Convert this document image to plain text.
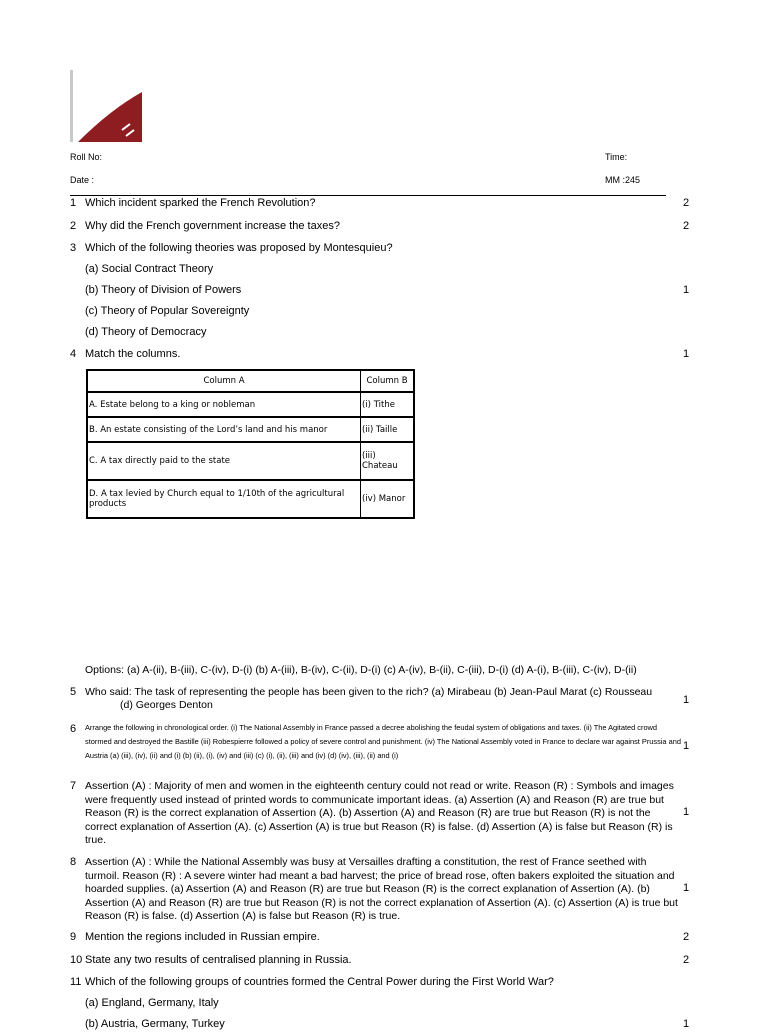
Roll No:
Date :
Time:
MM :245
1 Which incident sparked the French Revolution?	2
2 Why did the French government increase the taxes?	2
3 Which of the following theories was proposed by Montesquieu?
(a) Social Contract Theory
(b) Theory of Division of Powers	1
(c) Theory of Popular Sovereignty
(d) Theory of Democracy
4 Match the columns.	1
Column A	Column B
A. Estate belong to a king or nobleman	(i) Tithe
B. An estate consisting of the Lord’s land and his manor	(ii) Taille
C. A tax directly paid to the state	(iii) Chateau
D. A tax levied by Church equal to 1/10th of the agricultural products	(iv) Manor
Options: (a) A-(ii), B-(iii), C-(iv), D-(i) (b) A-(iii), B-(iv), C-(ii), D-(i) (c) A-(iv), B-(ii), C-(iii), D-(i) (d) A-(i), B-(iii), C-(iv), D-(ii)
5 Who said: The task of representing the people has been given to the rich? (a) Mirabeau (b) Jean-Paul Marat (c) Rousseau
(d) Georges Denton	1
6 Arrange the following in chronological order. (i) The National Assembly in France passed a decree abolishing the feudal system of obligations and taxes. (ii) The Agitated crowd stormed and destroyed the Bastille (iii) Robespierre followed a policy of severe control and punishment. (iv) The National Assembly voted in France to declare war against Prussia and Austria (a) (iii), (iv), (ii) and (i) (b) (ii), (i), (iv) and (iii) (c) (i), (ii), (iii) and (iv) (d) (iv), (iii), (ii) and (i)
1
7 Assertion (A) : Majority of men and women in the eighteenth century could not read or write. Reason (R) : Symbols and images were frequently used instead of printed words to communicate important ideas. (a) Assertion (A) and Reason (R) are true but Reason (R) is the correct explanation of Assertion (A). (b) Assertion (A) and Reason (R) are true but Reason (R) is not the correct explanation of Assertion (A). (c) Assertion (A) is true but Reason (R) is false. (d) Assertion (A) is false but Reason (R) is true.
1
8 Assertion (A) : While the National Assembly was busy at Versailles drafting a constitution, the rest of France seethed with turmoil. Reason (R) : A severe winter had meant a bad harvest; the price of bread rose, often bakers exploited the situation and hoarded supplies. (a) Assertion (A) and Reason (R) are true but Reason (R) is the correct explanation of Assertion (A). (b) Assertion (A) and Reason (R) are true but Reason (R) is not the correct explanation of Assertion (A). (c) Assertion (A) is true but Reason (R) is false. (d) Assertion (A) is false but Reason (R) is true.
1
9 Mention the regions included in Russian empire.	2
10 State any two results of centralised planning in Russia.	2
11 Which of the following groups of countries formed the Central Power during the First World War?
(a) England, Germany, Italy
(b) Austria, Germany, Turkey	1
